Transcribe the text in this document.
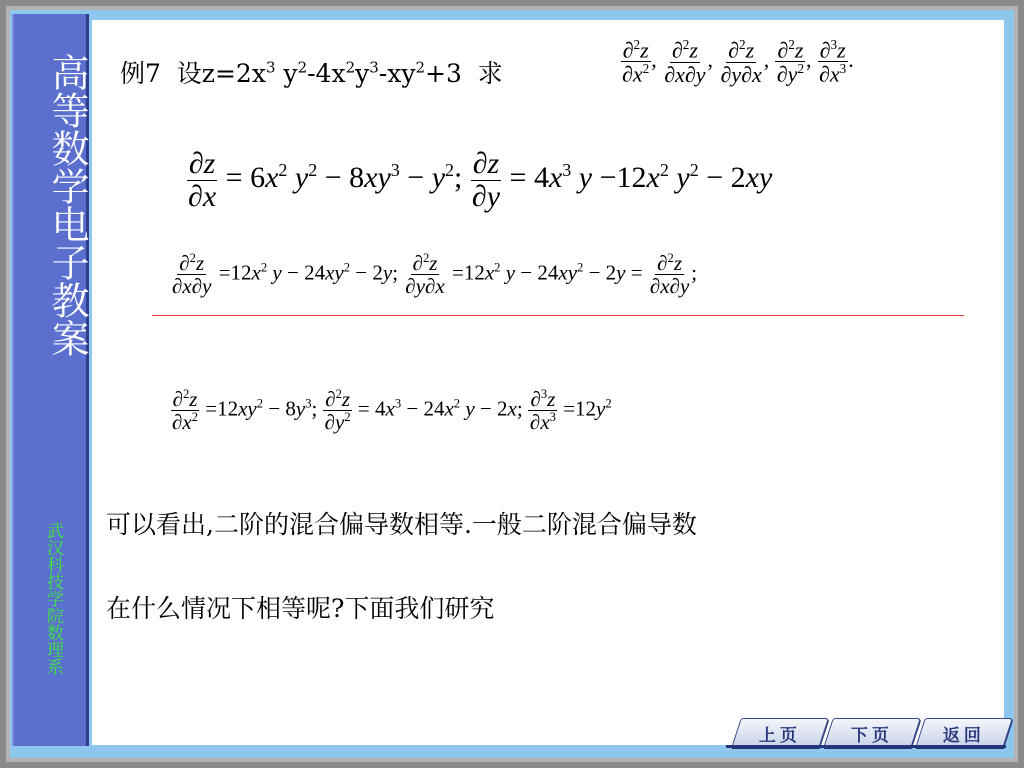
高等数学电子教案
武汉科技学院数理系
例7  设$z=2x^3$ $y^2-4x^2y^3-xy^2+3$  求	$\frac{\partial^2z}{\partial x^2}$ , $\frac{\partial^2z}{\partial x\partial y}$ , $\frac{\partial^2z}{\partial y\partial x}$ , $\frac{\partial^2z}{\partial y^2}$ , $\frac{\partial^3z}{\partial x^3}$ .
$\frac{\partial z}{\partial x} = 6x^2$ $y^2 - 8xy^3 - y^2$; $\frac{\partial z}{\partial y} = 4x^3$ $y -12x^2$ $y^2 - 2xy$
$\frac{\partial^2z}{\partial x\partial y} =12x^2$ $y - 24xy^2 - 2y$; $\frac{\partial^2z}{\partial y\partial x} =12x^2$ $y - 24xy^2 - 2y = \frac{\partial^2z}{\partial x\partial y}$ ;
$\frac{\partial^2z}{\partial x^2} =12xy^2 - 8y^3$; $\frac{\partial^2z}{\partial y^2} = 4x^3 - 24x^2$ y − 2x; $\frac{\partial^3z}{\partial x^3} =12y^2$
可以看出,二阶的混合偏导数相等.一般二阶混合偏导数
在什么情况下相等呢?下面我们研究
上页	下页	返回
